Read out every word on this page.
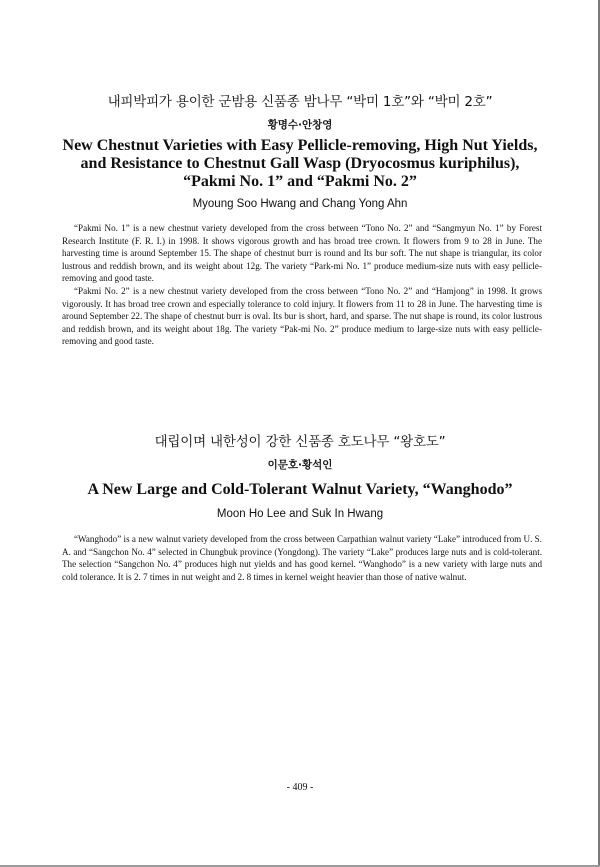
내피박피가 용이한 군밤용 신품종 밤나무 “박미 1호”와 “박미 2호”
황명수·안창영
New Chestnut Varieties with Easy Pellicle-removing, High Nut Yields,
and Resistance to Chestnut Gall Wasp (Dryocosmus kuriphilus),
“Pakmi No. 1” and “Pakmi No. 2”
Myoung Soo Hwang and Chang Yong Ahn

“Pakmi No. 1” is a new chestnut variety developed from the cross between “Tono No. 2” and “Sangmyun No. 1” by Forest Research Institute (F. R. I.) in 1998. It shows vigorous growth and has broad tree crown. It flowers from 9 to 28 in June. The harvesting time is around September 15. The shape of chestnut burr is round and Its bur soft. The nut shape is triangular, its color lustrous and reddish brown, and its weight about 12g. The variety “Park-mi No. 1” produce medium-size nuts with easy pellicle-removing and good taste.

“Pakmi No. 2” is a new chestnut variety developed from the cross between “Tono No. 2” and “Hamjong” in 1998. It grows vigorously. It has broad tree crown and especially tolerance to cold injury. It flowers from 11 to 28 in June. The harvesting time is around September 22. The shape of chestnut burr is oval. Its bur is short, hard, and sparse. The nut shape is round, its color lustrous and reddish brown, and its weight about 18g. The variety “Pak-mi No. 2” produce medium to large-size nuts with easy pellicle-removing and good taste.

대립이며 내한성이 강한 신품종 호도나무 “왕호도”
이문호·황석인
A New Large and Cold-Tolerant Walnut Variety, “Wanghodo”
Moon Ho Lee and Suk In Hwang

“Wanghodo” is a new walnut variety developed from the cross between Carpathian walnut variety “Lake” introduced from U. S. A. and “Sangchon No. 4” selected in Chungbuk province (Yongdong). The variety “Lake” produces large nuts and is cold-tolerant. The selection “Sangchon No. 4” produces high nut yields and has good kernel. “Wanghodo” is a new variety with large nuts and cold tolerance. It is 2. 7 times in nut weight and 2. 8 times in kernel weight heavier than those of native walnut.

- 409 -
